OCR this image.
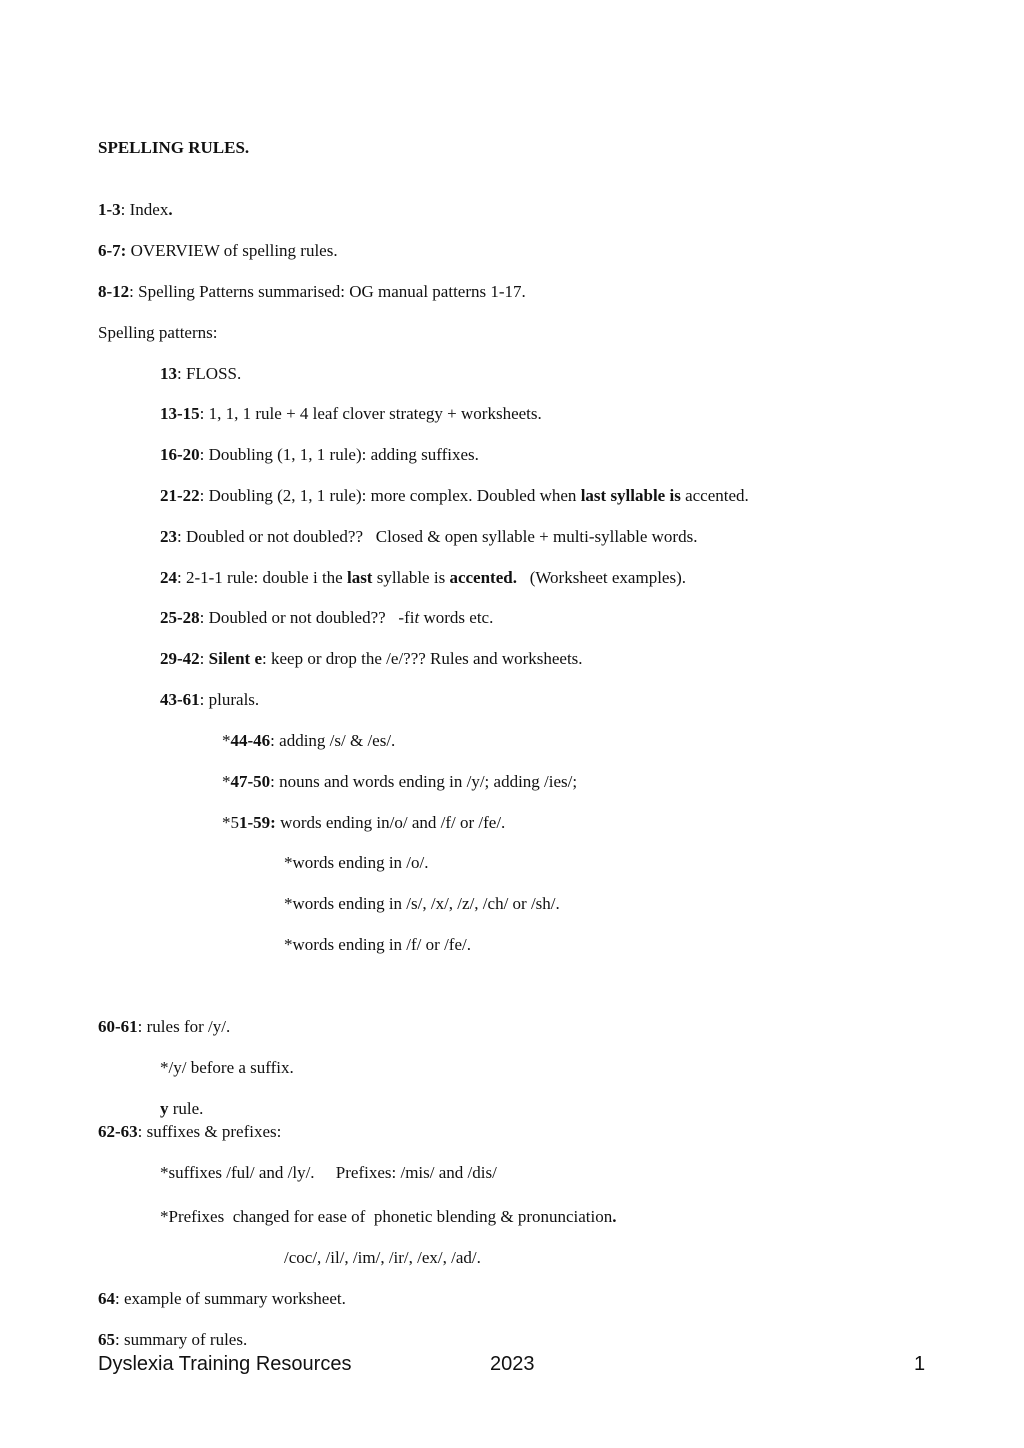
SPELLING RULES.
1-3: Index.
6-7: OVERVIEW of spelling rules.
8-12: Spelling Patterns summarised: OG manual patterns 1-17.
Spelling patterns:
13: FLOSS.
13-15: 1, 1, 1 rule + 4 leaf clover strategy + worksheets.
16-20: Doubling (1, 1, 1 rule): adding suffixes.
21-22: Doubling (2, 1, 1 rule): more complex. Doubled when last syllable is accented.
23: Doubled or not doubled??   Closed & open syllable + multi-syllable words.
24: 2-1-1 rule: double i the last syllable is accented.   (Worksheet examples).
25-28: Doubled or not doubled??   -fit words etc.
29-42: Silent e: keep or drop the /e/??? Rules and worksheets.
43-61: plurals.
*44-46: adding /s/ & /es/.
*47-50: nouns and words ending in /y/; adding /ies/;
*51-59: words ending in/o/ and /f/ or /fe/.
*words ending in /o/.
*words ending in /s/, /x/, /z/, /ch/ or /sh/.
*words ending in /f/ or /fe/.
60-61: rules for /y/.
*/y/ before a suffix.
y rule.
62-63: suffixes & prefixes:
*suffixes /ful/ and /ly/.     Prefixes: /mis/ and /dis/
*Prefixes  changed for ease of  phonetic blending & pronunciation.
/coc/, /il/, /im/, /ir/, /ex/, /ad/.
64: example of summary worksheet.
65: summary of rules.
Dyslexia Training Resources	2023	1
